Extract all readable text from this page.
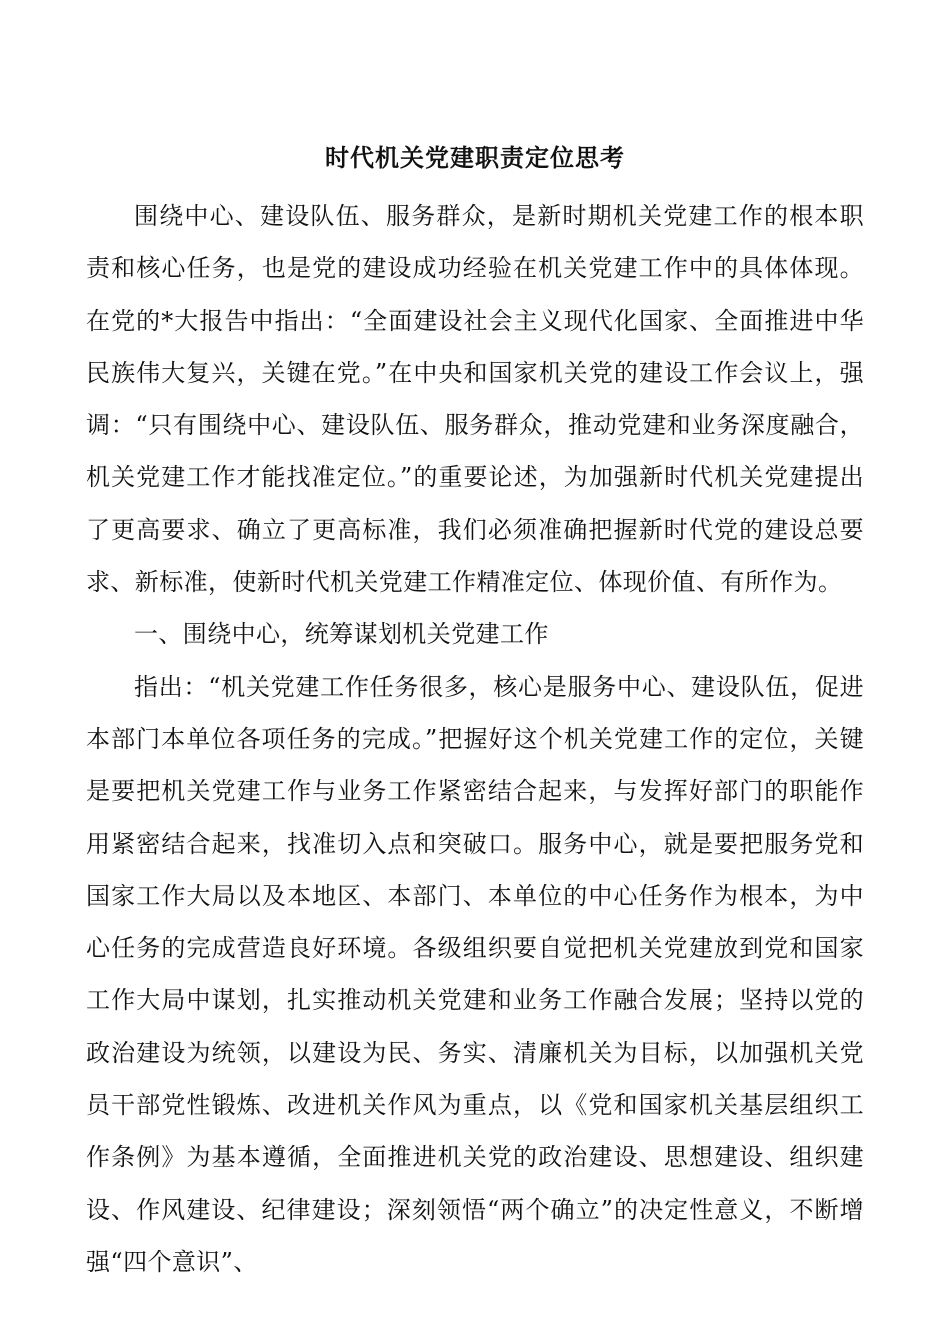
时代机关党建职责定位思考

围绕中心、建设队伍、服务群众，是新时期机关党建工作的根本职责和核心任务，也是党的建设成功经验在机关党建工作中的具体体现。在党的*大报告中指出：“全面建设社会主义现代化国家、全面推进中华民族伟大复兴，关键在党。”在中央和国家机关党的建设工作会议上，强调：“只有围绕中心、建设队伍、服务群众，推动党建和业务深度融合，机关党建工作才能找准定位。”的重要论述，为加强新时代机关党建提出了更高要求、确立了更高标准，我们必须准确把握新时代党的建设总要求、新标准，使新时代机关党建工作精准定位、体现价值、有所作为。

一、围绕中心，统筹谋划机关党建工作

指出：“机关党建工作任务很多，核心是服务中心、建设队伍，促进本部门本单位各项任务的完成。”把握好这个机关党建工作的定位，关键是要把机关党建工作与业务工作紧密结合起来，与发挥好部门的职能作用紧密结合起来，找准切入点和突破口。服务中心，就是要把服务党和国家工作大局以及本地区、本部门、本单位的中心任务作为根本，为中心任务的完成营造良好环境。各级组织要自觉把机关党建放到党和国家工作大局中谋划，扎实推动机关党建和业务工作融合发展；坚持以党的政治建设为统领，以建设为民、务实、清廉机关为目标，以加强机关党员干部党性锻炼、改进机关作风为重点，以《党和国家机关基层组织工作条例》为基本遵循，全面推进机关党的政治建设、思想建设、组织建设、作风建设、纪律建设；深刻领悟“两个确立”的决定性意义，不断增强“四个意识”、
